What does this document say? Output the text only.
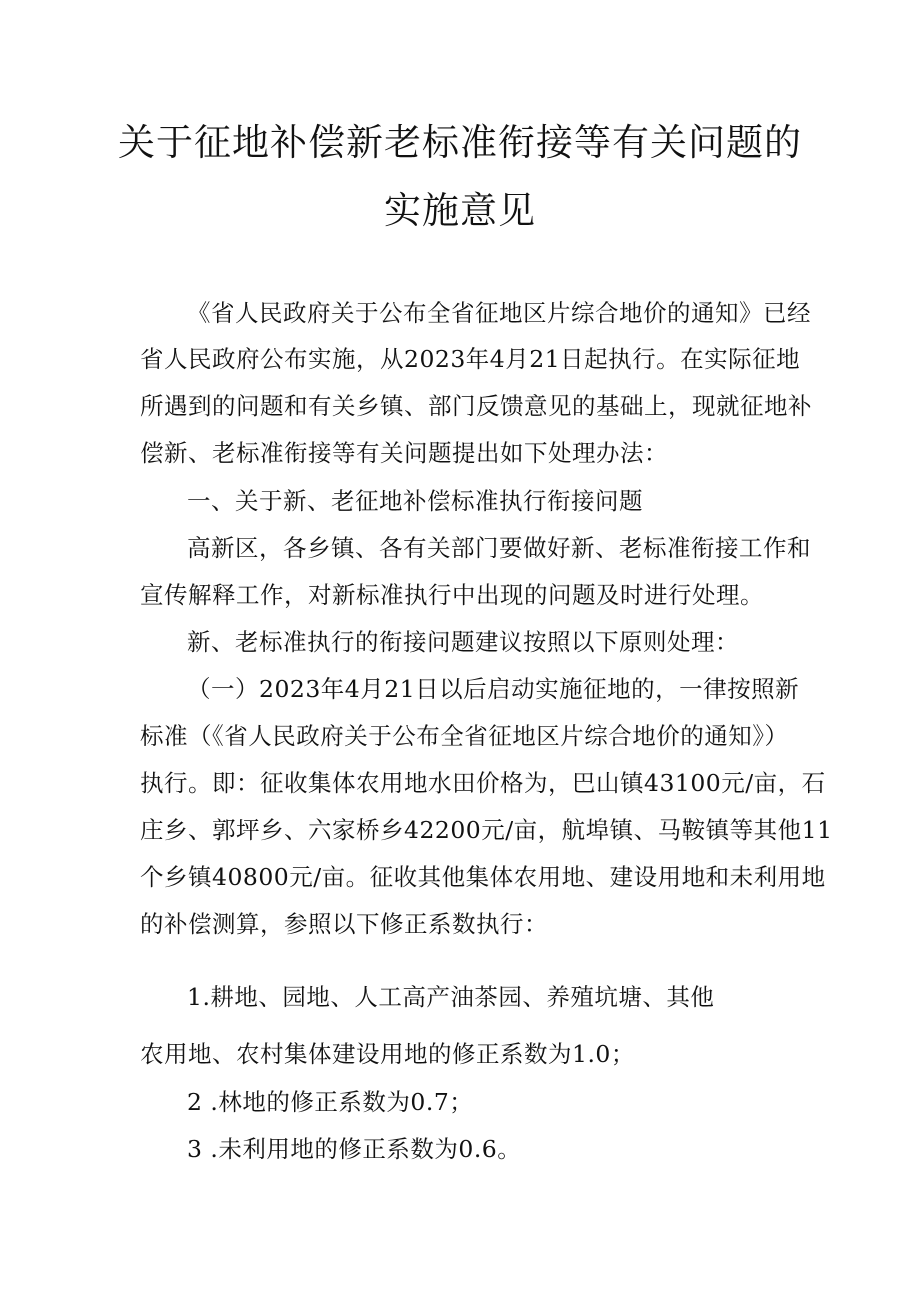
关于征地补偿新老标准衔接等有关问题的
实施意见
《省人民政府关于公布全省征地区片综合地价的通知》已经
省人民政府公布实施，从2023年4月21日起执行。在实际征地
所遇到的问题和有关乡镇、部门反馈意见的基础上，现就征地补
偿新、老标准衔接等有关问题提出如下处理办法：
一、关于新、老征地补偿标准执行衔接问题
高新区，各乡镇、各有关部门要做好新、老标准衔接工作和
宣传解释工作，对新标准执行中出现的问题及时进行处理。
新、老标准执行的衔接问题建议按照以下原则处理：
（一）2023年4月21日以后启动实施征地的，一律按照新
标准（《省人民政府关于公布全省征地区片综合地价的通知》）
执行。即：征收集体农用地水田价格为，巴山镇43100元/亩，石
庄乡、郭坪乡、六家桥乡42200元/亩，航埠镇、马鞍镇等其他11
个乡镇40800元/亩。征收其他集体农用地、建设用地和未利用地
的补偿测算，参照以下修正系数执行：
1.耕地、园地、人工高产油茶园、养殖坑塘、其他
农用地、农村集体建设用地的修正系数为1.0；
2 .林地的修正系数为0.7；
3 .未利用地的修正系数为0.6。
